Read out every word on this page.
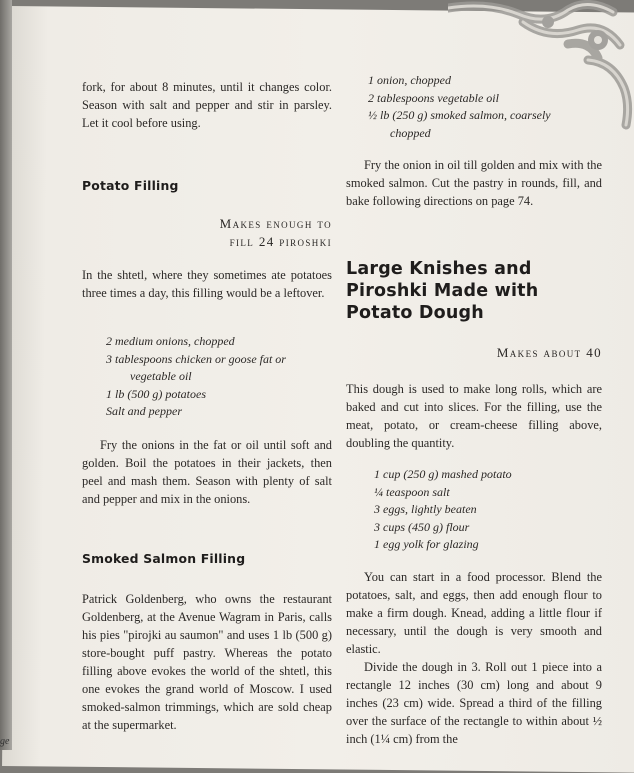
ge

fork, for about 8 minutes, until it changes color. Season with salt and pepper and stir in parsley. Let it cool before using.

Potato Filling
Makes enough to
fill 24 piroshki

In the shtetl, where they sometimes ate potatoes three times a day, this filling would be a leftover.

2 medium onions, chopped
3 tablespoons chicken or goose fat or vegetable oil
1 lb (500 g) potatoes
Salt and pepper

Fry the onions in the fat or oil until soft and golden. Boil the potatoes in their jackets, then peel and mash them. Season with plenty of salt and pepper and mix in the onions.

Smoked Salmon Filling

Patrick Goldenberg, who owns the restaurant Goldenberg, at the Avenue Wagram in Paris, calls his pies "pirojki au saumon" and uses 1 lb (500 g) store-bought puff pastry. Whereas the potato filling above evokes the world of the shtetl, this one evokes the grand world of Moscow. I used smoked-salmon trimmings, which are sold cheap at the supermarket.

1 onion, chopped
2 tablespoons vegetable oil
½ lb (250 g) smoked salmon, coarsely chopped

Fry the onion in oil till golden and mix with the smoked salmon. Cut the pastry in rounds, fill, and bake following directions on page 74.

Large Knishes and
Piroshki Made with
Potato Dough
Makes about 40

This dough is used to make long rolls, which are baked and cut into slices. For the filling, use the meat, potato, or cream-cheese filling above, doubling the quantity.

1 cup (250 g) mashed potato
¼ teaspoon salt
3 eggs, lightly beaten
3 cups (450 g) flour
1 egg yolk for glazing

You can start in a food processor. Blend the potatoes, salt, and eggs, then add enough flour to make a firm dough. Knead, adding a little flour if necessary, until the dough is very smooth and elastic.

Divide the dough in 3. Roll out 1 piece into a rectangle 12 inches (30 cm) long and about 9 inches (23 cm) wide. Spread a third of the filling over the surface of the rectangle to within about ½ inch (1¼ cm) from the
